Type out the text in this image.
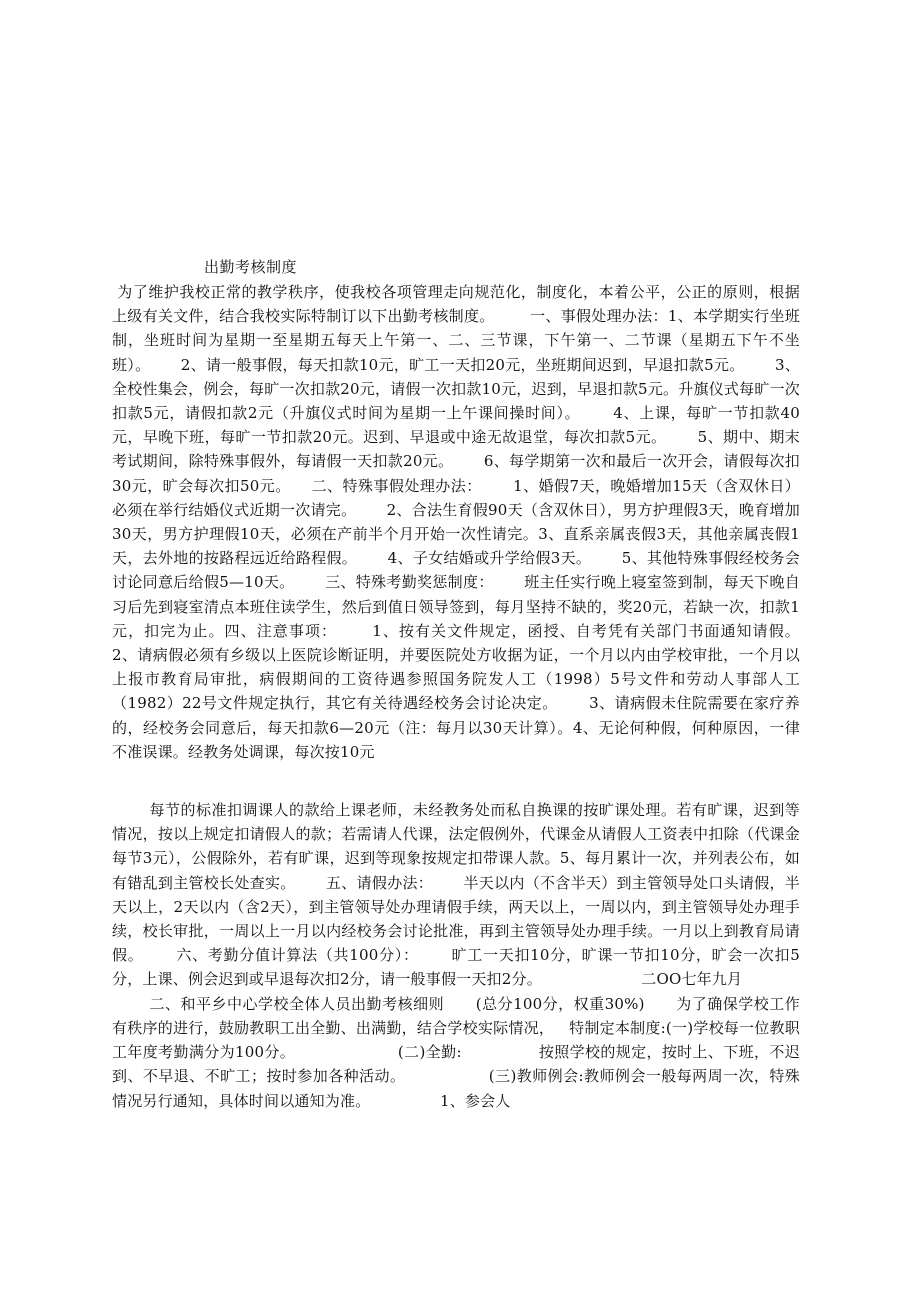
出勤考核制度

为了维护我校正常的教学秩序，使我校各项管理走向规范化，制度化，本着公平，公正的原则，根据上级有关文件，结合我校实际特制订以下出勤考核制度。       一、事假处理办法：1、本学期实行坐班制，坐班时间为星期一至星期五每天上午第一、二、三节课，下午第一、二节课（星期五下午不坐班）。      2、请一般事假，每天扣款10元，旷工一天扣20元，坐班期间迟到，早退扣款5元。      3、全校性集会，例会，每旷一次扣款20元，请假一次扣款10元，迟到，早退扣款5元。升旗仪式每旷一次扣款5元，请假扣款2元（升旗仪式时间为星期一上午课间操时间）。      4、上课，每旷一节扣款40元，早晚下班，每旷一节扣款20元。迟到、早退或中途无故退堂，每次扣款5元。      5、期中、期末考试期间，除特殊事假外，每请假一天扣款20元。      6、每学期第一次和最后一次开会，请假每次扣30元，旷会每次扣50元。    二、特殊事假处理办法：      1、婚假7天，晚婚增加15天（含双休日）必须在举行结婚仪式近期一次请完。      2、合法生育假90天（含双休日），男方护理假3天，晚育增加30天，男方护理假10天，必须在产前半个月开始一次性请完。3、直系亲属丧假3天，其他亲属丧假1天，去外地的按路程远近给路程假。      4、子女结婚或升学给假3天。      5、其他特殊事假经校务会讨论同意后给假5—10天。      三、特殊考勤奖惩制度：      班主任实行晚上寝室签到制，每天下晚自习后先到寝室清点本班住读学生，然后到值日领导签到，每月坚持不缺的，奖20元，若缺一次，扣款1元，扣完为止。四、注意事项：      1、按有关文件规定，函授、自考凭有关部门书面通知请假。      2、请病假必须有乡级以上医院诊断证明，并要医院处方收据为证，一个月以内由学校审批，一个月以上报市教育局审批，病假期间的工资待遇参照国务院发人工（1998）5号文件和劳动人事部人工（1982）22号文件规定执行，其它有关待遇经校务会讨论决定。      3、请病假未住院需要在家疗养的，经校务会同意后，每天扣款6—20元（注：每月以30天计算）。4、无论何种假，何种原因，一律不准误课。经教务处调课，每次按10元

每节的标准扣调课人的款给上课老师，未经教务处而私自换课的按旷课处理。若有旷课，迟到等情况，按以上规定扣请假人的款；若需请人代课，法定假例外，代课金从请假人工资表中扣除（代课金每节3元），公假除外，若有旷课，迟到等现象按规定扣带课人款。5、每月累计一次，并列表公布，如有错乱到主管校长处查实。      五、请假办法：      半天以内（不含半天）到主管领导处口头请假，半天以上，2天以内（含2天），到主管领导处办理请假手续，两天以上，一周以内，到主管领导处办理手续，校长审批，一周以上一月以内经校务会讨论批准，再到主管领导处办理手续。一月以上到教育局请假。      六、考勤分值计算法（共100分）：      旷工一天扣10分，旷课一节扣10分，旷会一次扣5分，上课、例会迟到或早退每次扣2分，请一般事假一天扣2分。                    二OO七年九月

二、和平乡中心学校全体人员出勤考核细则      (总分100分，权重30%)      为了确保学校工作有秩序的进行，鼓励教职工出全勤、出满勤，结合学校实际情况，   特制定本制度:(一)学校每一位教职工年度考勤满分为100分。                    (二)全勤:               按照学校的规定，按时上、下班，不迟到、不早退、不旷工；按时参加各种活动。                (三)教师例会:教师例会一般每两周一次，特殊情况另行通知，具体时间以通知为准。              1、参会人
